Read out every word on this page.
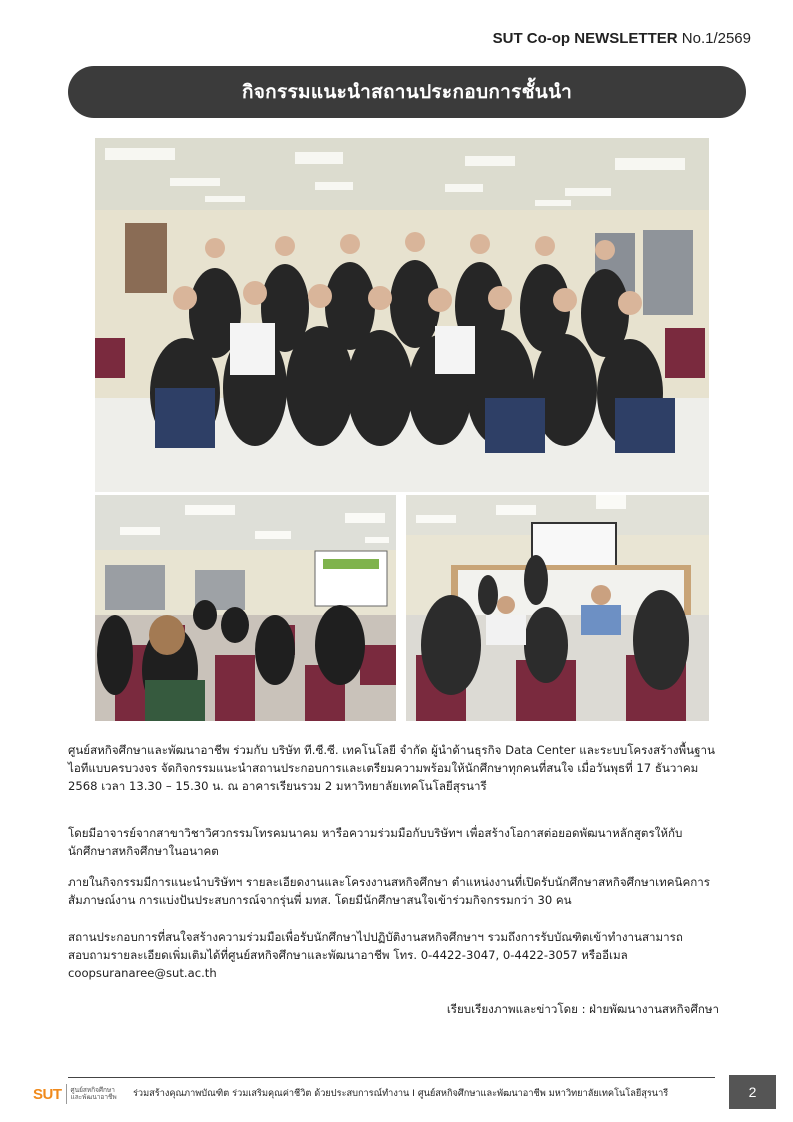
SUT Co-op NEWSLETTER No.1/2569
กิจกรรมแนะนำสถานประกอบการชั้นนำ

ศูนย์สหกิจศึกษาและพัฒนาอาชีพ ร่วมกับ บริษัท ที.ซี.ซี. เทคโนโลยี จำกัด ผู้นำด้านธุรกิจ Data Center และระบบโครงสร้างพื้นฐานไอทีแบบครบวงจร จัดกิจกรรมแนะนำสถานประกอบการและเตรียมความพร้อมให้นักศึกษาทุกคนที่สนใจ เมื่อวันพุธที่ 17 ธันวาคม 2568 เวลา 13.30 – 15.30 น. ณ อาคารเรียนรวม 2 มหาวิทยาลัยเทคโนโลยีสุรนารี

โดยมีอาจารย์จากสาขาวิชาวิศวกรรมโทรคมนาคม หารือความร่วมมือกับบริษัทฯ เพื่อสร้างโอกาสต่อยอดพัฒนาหลักสูตรให้กับนักศึกษาสหกิจศึกษาในอนาคต

ภายในกิจกรรมมีการแนะนำบริษัทฯ รายละเอียดงานและโครงงานสหกิจศึกษา ตำแหน่งงานที่เปิดรับนักศึกษาสหกิจศึกษาเทคนิคการสัมภาษณ์งาน การแบ่งปันประสบการณ์จากรุ่นพี่ มทส. โดยมีนักศึกษาสนใจเข้าร่วมกิจกรรมกว่า 30 คน

สถานประกอบการที่สนใจสร้างความร่วมมือเพื่อรับนักศึกษาไปปฏิบัติงานสหกิจศึกษาฯ รวมถึงการรับบัณฑิตเข้าทำงานสามารถสอบถามรายละเอียดเพิ่มเติมได้ที่ศูนย์สหกิจศึกษาและพัฒนาอาชีพ โทร. 0-4422-3047, 0-4422-3057 หรืออีเมล coopsuranaree@sut.ac.th

เรียบเรียงภาพและข่าวโดย : ฝ่ายพัฒนางานสหกิจศึกษา
SUT ศูนย์สหกิจศึกษา
และพัฒนาอาชีพ ร่วมสร้างคุณภาพบัณฑิต ร่วมเสริมคุณค่าชีวิต ด้วยประสบการณ์ทำงาน I ศูนย์สหกิจศึกษาและพัฒนาอาชีพ มหาวิทยาลัยเทคโนโลยีสุรนารี	2
